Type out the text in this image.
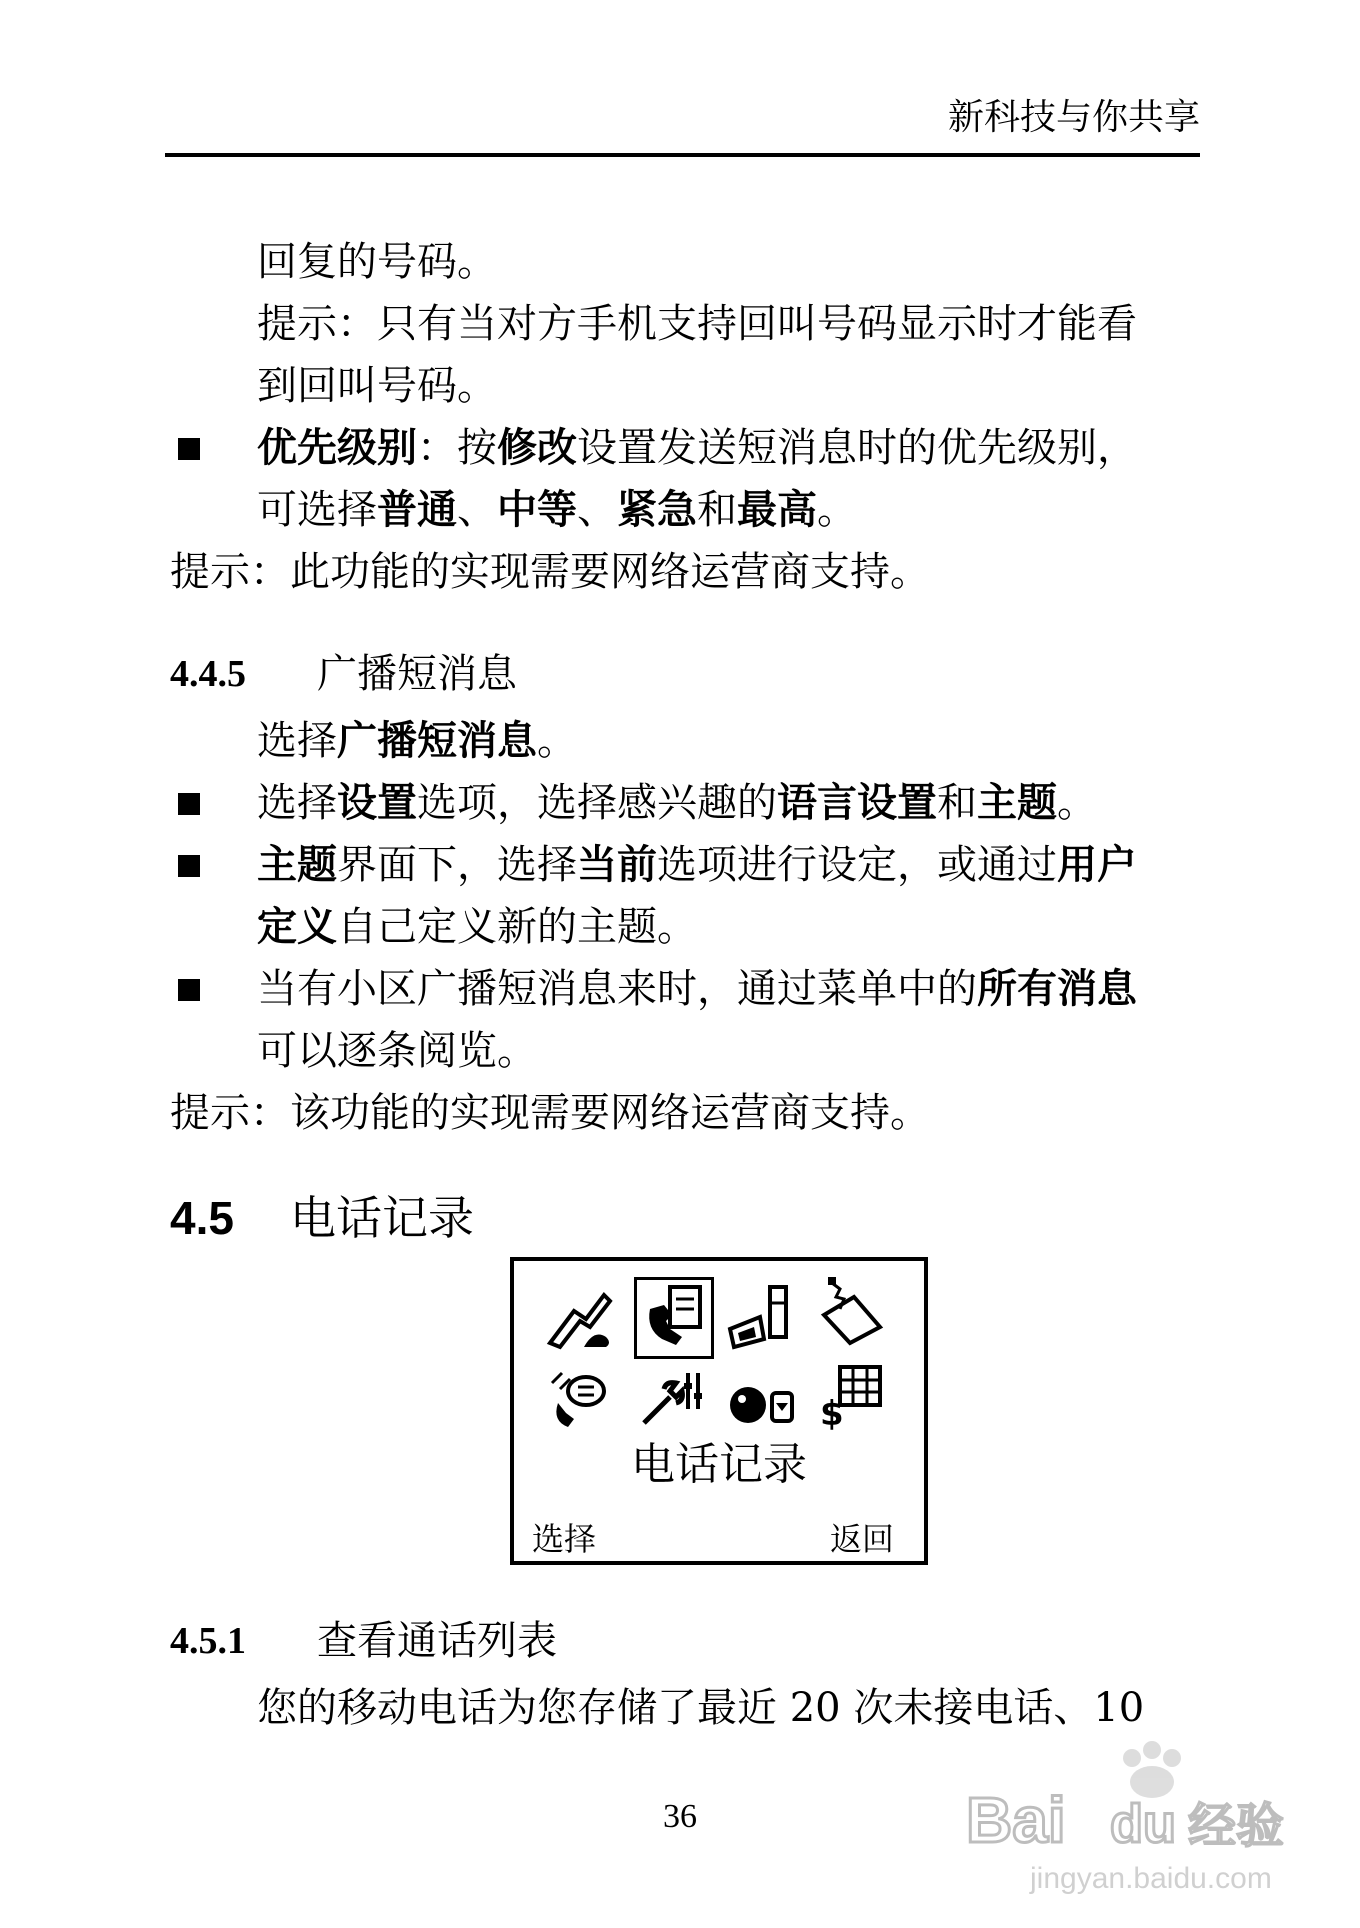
新科技与你共享
回复的号码。
提示：只有当对方手机支持回叫号码显示时才能看
到回叫号码。
优先级别：按修改设置发送短消息时的优先级别，
可选择普通、中等、紧急和最高。
提示：此功能的实现需要网络运营商支持。
4.4.5 广播短消息
选择广播短消息。
选择设置选项，选择感兴趣的语言设置和主题。
主题界面下，选择当前选项进行设定，或通过用户
定义自己定义新的主题。
当有小区广播短消息来时，通过菜单中的所有消息
可以逐条阅览。
提示：该功能的实现需要网络运营商支持。
4.5 电话记录
$
电话记录
选择	返回
4.5.1 查看通话列表
您的移动电话为您存储了最近 20 次未接电话、10
36	Bai du 经验
jingyan.baidu.com
